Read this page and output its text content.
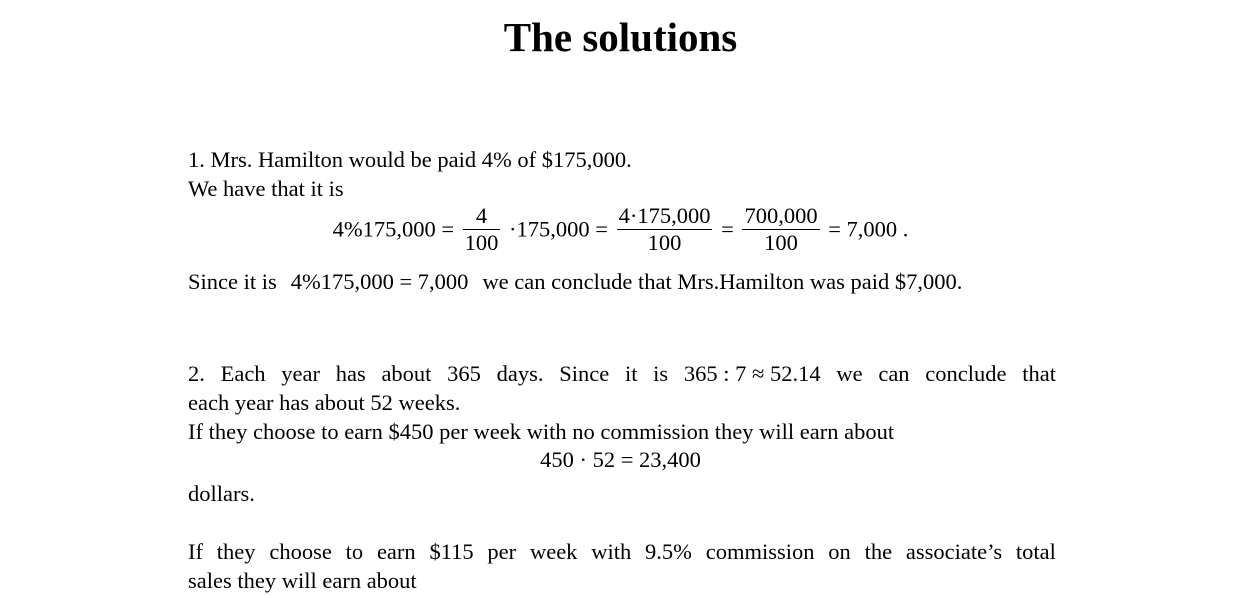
The solutions
1. Mrs. Hamilton would be paid 4% of $175,000.
We have that it is
$4\%175,000 = \frac{4}{100} \cdot 175,000 = \frac{4\cdot 175,000}{100} = \frac{700,000}{100} = 7,000$ .
Since it is 4%175,000 = 7,000 we can conclude that Mrs.Hamilton was paid $7,000.
2. Each year has about 365 days. Since it is 365 : 7 ≈ 52.14 we can conclude that
each year has about 52 weeks.
If they choose to earn $450 per week with no commission they will earn about
450 · 52 = 23,400
dollars.
If they choose to earn $115 per week with 9.5% commission on the associate’s total
sales they will earn about
